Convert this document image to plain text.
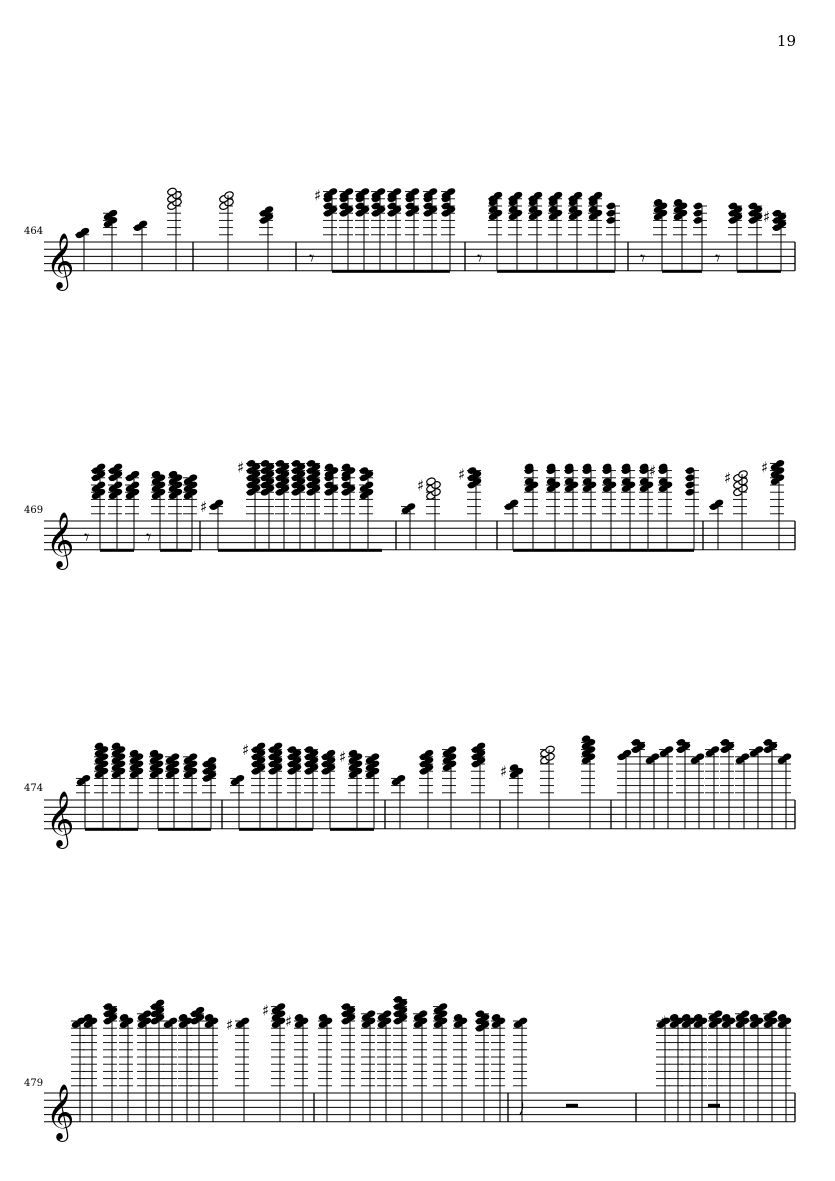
19
464
469
474
479
𝄞
♯
♯
𝄾	𝄾	𝄾	𝄾
𝄞
♯
♯
♯
♯	♯	♯
♯
𝄾	𝄾
𝄞
♯	♯
♯
𝄞
♯
♯
♯	♯
